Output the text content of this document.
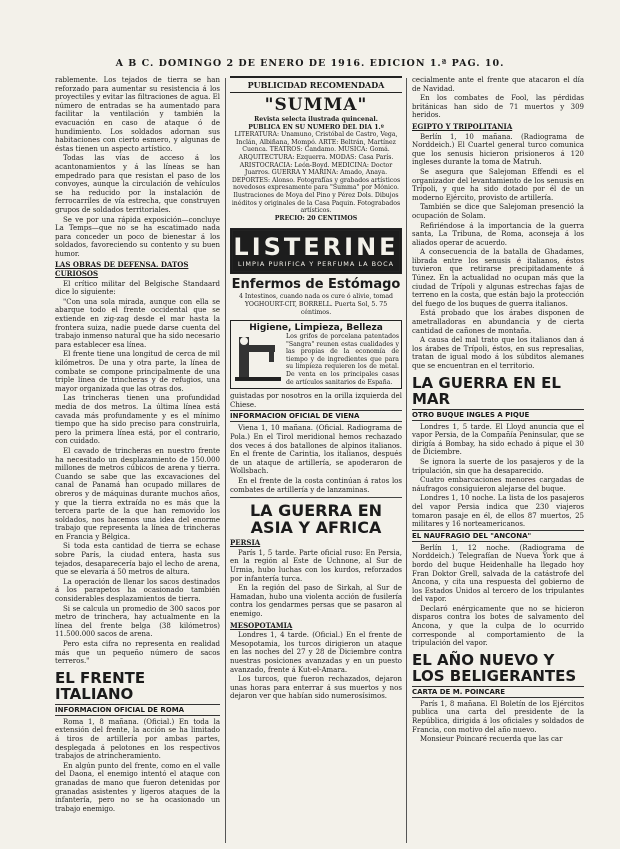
A B C. DOMINGO 2 DE ENERO DE 1916. EDICION 1.ª PAG. 10.

rablemente. Los tejados de tierra se han reforzado para aumentar su resistencia á los proyectiles y evitar las filtraciones de agua. El número de entradas se ha aumentado para facilitar la ventilación y también la evacuación en caso de ataque ó de hundimiento. Los soldados adornan sus habitaciones con cierto esmero, y algunas de éstas tienen un aspecto artístico.

Todas las vías de acceso á los acantonamientos y á las líneas se han empedrado para que resistan el paso de los convoyes, aunque la circulación de vehículos se ha reducido por la instalación de ferrocarriles de vía estrecha, que construyen grupos de soldados territoriales.

Se ve por una rápida exposición—concluye La Temps—que no se ha escatimado nada para conceder un poco de bienestar á los soldados, favoreciendo su contento y su buen humor.

LAS OBRAS DE DEFENSA. DATOS CURIOSOS

El crítico militar del Belgische Standaard dice lo siguiente:

"Con una sola mirada, aunque con ella se abarque todo el frente occidental que se extiende en zig-zag desde el mar hasta la frontera suiza, nadie puede darse cuenta del trabajo inmenso natural que ha sido necesario para establecer esa línea.

El frente tiene una longitud de cerca de mil kilómetros. De una y otra parte, la línea de combate se compone principalmente de una triple línea de trincheras y de refugios, una mayor organizada que las otras dos.

Las trincheras tienen una profundidad media de dos metros. La última línea está cavada más profundamente y es el mínimo tiempo que ha sido preciso para construirla, pero la primera línea está, por el contrario, con cuidado.

El cavado de trincheras en nuestro frente ha necesitado un desplazamiento de 150.000 millones de metros cúbicos de arena y tierra. Cuando se sabe que las excavaciones del canal de Panamá han ocupado millares de obreros y de máquinas durante muchos años, y que la tierra extraída no es más que la tercera parte de la que han removido los soldados, nos hacemos una idea del enorme trabajo que representa la línea de trincheras en Francia y Bélgica.

Si toda esta cantidad de tierra se echase sobre París, la ciudad entera, hasta sus tejados, desaparecería bajo el lecho de arena, que se elevaría á 50 metros de altura.

La operación de llenar los sacos destinados á los parapetos ha ocasionado también considerables desplazamientos de tierra.

Si se calcula un promedio de 300 sacos por metro de trinchera, hay actualmente en la línea del frente belga (38 kilómetros) 11.500.000 sacos de arena.

Pero esta cifra no representa en realidad más que un pequeño número de sacos terreros."

EL FRENTE ITALIANO
INFORMACION OFICIAL DE ROMA

Roma 1, 8 mañana. (Oficial.) En toda la extensión del frente, la acción se ha limitado á tiros de artillería por ambas partes, desplegada á pelotones en los respectivos trabajos de atrincheramiento.

En algún punto del frente, como en el valle del Daona, el enemigo intentó el ataque con granadas de mano que fueron detenidas por granadas asistentes y ligeros ataques de la infantería, pero no se ha ocasionado un trabajo enemigo.

PUBLICIDAD RECOMENDADA
"SUMMA"

Revista selecta ilustrada quincenal.

PUBLICA EN SU NUMERO DEL DIA 1.º

LITERATURA: Unamuno, Cristóbal de Castro, Vega, Inclán, Albiñana, Mompó. ARTE: Beltrán, Martínez Cuenca. TEATROS: Candamo. MUSICA: Gomá. ARQUITECTURA: Ezquerra. MODAS: Casa París. ARISTOCRACIA: León-Boyd. MEDICINA: Doctor Juarros. GUERRA Y MARINA: Amado, Anaya. DEPORTES: Alonso. Fotografías y grabados artísticos novedosos expresamente para "Summa" por Mónico. Ilustraciones de Moya del Pino y Pérez Dols. Dibujos inéditos y originales de la Casa Paquin. Fotograbados artísticos.

PRECIO: 20 CENTIMOS

LISTERINE
LIMPIA PURIFICA Y PERFUMA LA BOCA
Enfermos de Estómago

4 Intestinos, cuando nada os cure ó alivie, tomad YOGHOURT-CIT, BORRELL. Puerta Sol, 5. 75 céntimos.

Higiene, Limpieza, Belleza

Los grifos de porcelana patentados "Sangra" reunen estas cualidades y las propias de la economía de tiempo y de ingredientes que para su limpieza requieren los de metal. De venta en los principales casas de artículos sanitarios de España.

guistadas por nosotros en la orilla izquierda del Chiese.

INFORMACION OFICIAL DE VIENA

Viena 1, 10 mañana. (Oficial. Radiograma de Pola.) En el Tirol meridional hemos rechazado dos veces á dos batallones de alpinos italianos. En el frente de Carintia, los italianos, después de un ataque de artillería, se apoderaron de Wollsbach.

En el frente de la costa continúan á ratos los combates de artillería y de lanzaminas.

LA GUERRA EN ASIA Y AFRICA
PERSIA

París 1, 5 tarde. Parte oficial ruso: En Persia, en la región al Este de Uchnone, al Sur de Urmia, hubo luchas con los kurdos, reforzados por infantería turca.

En la región del paso de Sirkah, al Sur de Hamadan, hubo una violenta acción de fusilería contra los gendarmes persas que se pasaron al enemigo.

MESOPOTAMIA

Londres 1, 4 tarde. (Oficial.) En el frente de Mesopotamia, los turcos dirigieron un ataque en las noches del 27 y 28 de Diciembre contra nuestras posiciones avanzadas y en un puesto avanzado, frente á Kut-el-Amara.

Los turcos, que fueron rechazados, dejaron unas horas para enterrar á sus muertos y nos dejaron ver que habían sido numerosísimos.

cecialmente ante el frente que atacaron el día de Navidad.

En los combates de Fool, las pérdidas británicas han sido de 71 muertos y 309 heridos.

EGIPTO Y TRIPOLITANIA

Berlín 1, 10 mañana. (Radiograma de Norddeich.) El Cuartel general turco comunica que los senusis hicieron prisioneros á 120 ingleses durante la toma de Matruh.

Se asegura que Salejoman Effendi es el organizador del levantamiento de los senusis en Trípoli, y que ha sido dotado por él de un moderno Ejército, provisto de artillería.

También se dice que Salejoman presenció la ocupación de Solam.

Refiriéndose á la importancia de la guerra santa, La Tribuna, de Roma, aconseja á los aliados operar de acuerdo.

A consecuencia de la batalla de Ghadames, librada entre los senusis é italianos, éstos tuvieron que retirarse precipitadamente á Túnez. En la actualidad no ocupan más que la ciudad de Trípoli y algunas estrechas fajas de terreno en la costa, que están bajo la protección del fuego de los buques de guerra italianos.

Está probado que los árabes disponen de ametralladoras en abundancia y de cierta cantidad de cañones de montaña.

A causa del mal trato que los italianos dan á los árabes de Trípoli, éstos, en sus represalias, tratan de igual modo á los súbditos alemanes que se encuentran en el territorio.

LA GUERRA EN EL MAR
OTRO BUQUE INGLES A PIQUE

Londres 1, 5 tarde. El Lloyd anuncia que el vapor Persia, de la Compañía Peninsular, que se dirigía á Bombay, ha sido echado á pique el 30 de Diciembre.

Se ignora la suerte de los pasajeros y de la tripulación, sin que ha desaparecido.

Cuatro embarcaciones menores cargadas de náufragos consiguieron alejarse del buque.

Londres 1, 10 noche. La lista de los pasajeros del vapor Persia indica que 230 viajeros tomaron pasaje en él, de ellos 87 muertos, 25 militares y 16 norteamericanos.

EL NAUFRAGIO DEL "ANCONA"

Berlín 1, 12 noche. (Radiograma de Norddeich.) Telegrafían de Nueva York que á bordo del buque Heidenhalle ha llegado hoy Fran Doktor Grell, salvada de la catástrofe del Ancona, y cita una respuesta del gobierno de los Estados Unidos al tercero de los tripulantes del vapor.

Declaró enérgicamente que no se hicieron disparos contra los botes de salvamento del Ancona, y que la culpa de lo ocurrido corresponde al comportamiento de la tripulación del vapor.

EL AÑO NUEVO Y LOS BELIGERANTES
CARTA DE M. POINCARE

París 1, 8 mañana. El Boletín de los Ejércitos publica una carta del presidente de la República, dirigida á los oficiales y soldados de Francia, con motivo del año nuevo.

Monsieur Poincaré recuerda que las car
